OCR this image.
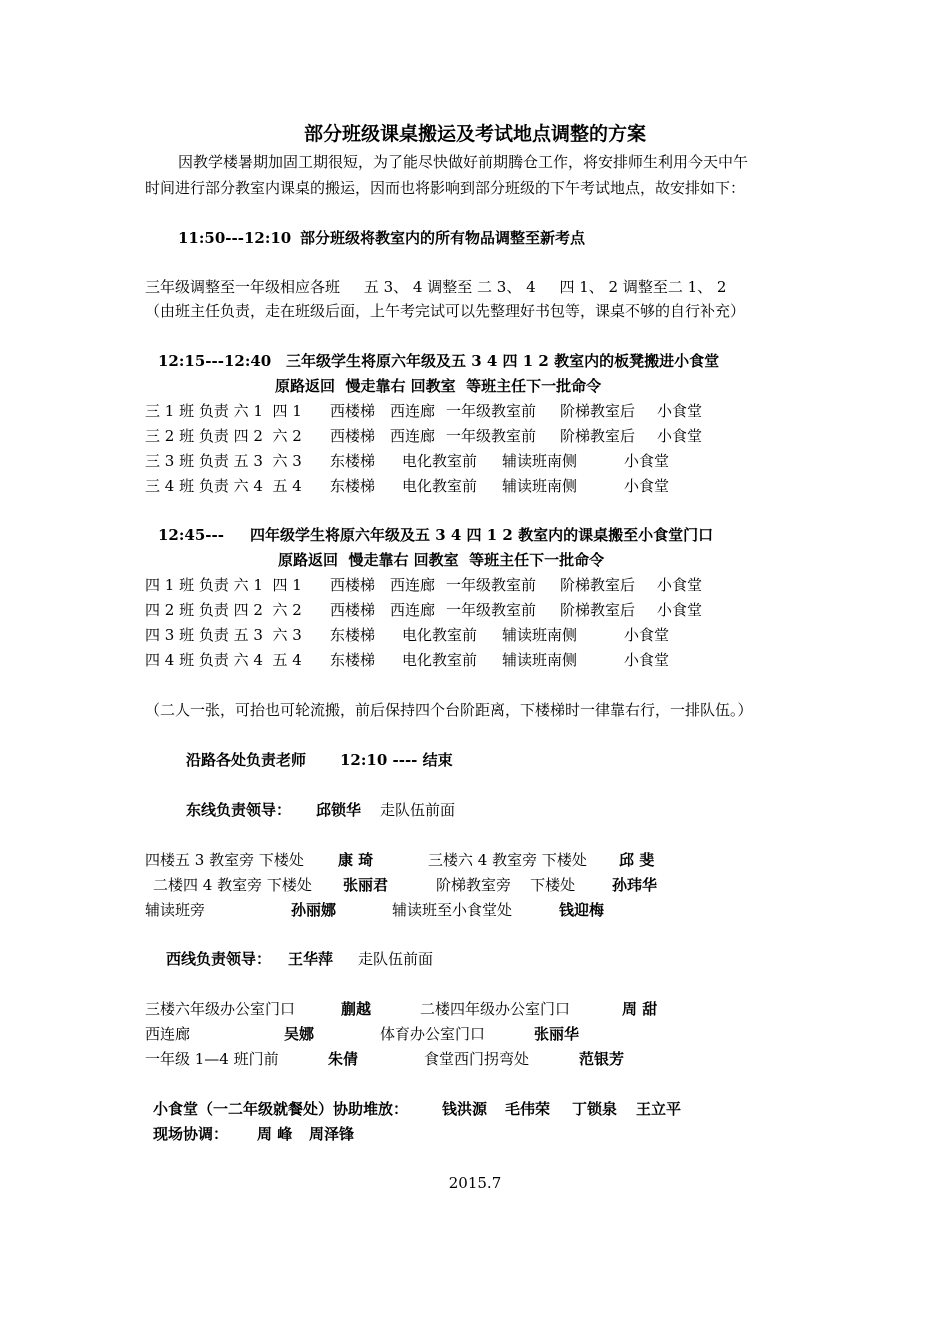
部分班级课桌搬运及考试地点调整的方案
因教学楼暑期加固工期很短，为了能尽快做好前期腾仓工作，将安排师生利用今天中午
时间进行部分教室内课桌的搬运，因而也将影响到部分班级的下午考试地点，故安排如下：
11:50---12:10 部分班级将教室内的所有物品调整至新考点
三年级调整至一年级相应各班     五 3、 4 调整至 二 3、 4     四 1、 2 调整至二 1、 2
（由班主任负责，走在班级后面，上午考完试可以先整理好书包等，课桌不够的自行补充）
12:15---12:40 三年级学生将原六年级及五 3 4 四 1 2 教室内的板凳搬进小食堂
原路返回  慢走靠右 回教室  等班主任下一批命令
三 1 班 负责 六 1  四 1 西楼梯 西连廊 一年级教室前 阶梯教室后 小食堂
三 2 班 负责 四 2  六 2 西楼梯 西连廊 一年级教室前 阶梯教室后 小食堂
三 3 班 负责 五 3  六 3 东楼梯 电化教室前 辅读班南侧	小食堂
三 4 班 负责 六 4  五 4 东楼梯 电化教室前 辅读班南侧	小食堂
12:45--- 四年级学生将原六年级及五 3 4 四 1 2 教室内的课桌搬至小食堂门口
原路返回  慢走靠右 回教室  等班主任下一批命令
四 1 班 负责 六 1  四 1 西楼梯 西连廊 一年级教室前 阶梯教室后 小食堂
四 2 班 负责 四 2  六 2 西楼梯 西连廊 一年级教室前 阶梯教室后 小食堂
四 3 班 负责 五 3  六 3 东楼梯 电化教室前 辅读班南侧	小食堂
四 4 班 负责 六 4  五 4 东楼梯 电化教室前 辅读班南侧	小食堂
（二人一张，可抬也可轮流搬，前后保持四个台阶距离，下楼梯时一律靠右行，一排队伍。）
沿路各处负责老师 12:10 ---- 结束
东线负责领导： 邱锁华 走队伍前面
四楼五 3 教室旁 下楼处 康 琦	三楼六 4 教室旁 下楼处 邱 斐
二楼四 4 教室旁 下楼处 张丽君	阶梯教室旁    下楼处 孙玮华
辅读班旁	孙丽娜	辅读班至小食堂处	钱迎梅
西线负责领导： 王华萍 走队伍前面
三楼六年级办公室门口	蒯越	二楼四年级办公室门口	周 甜
西连廊	吴娜	体育办公室门口	张丽华
一年级 1—4 班门前	朱倩	食堂西门拐弯处	范银芳
小食堂（一二年级就餐处）协助堆放： 钱洪源 毛伟荣 丁锁泉 王立平
现场协调： 周 峰 周泽锋
2015.7
